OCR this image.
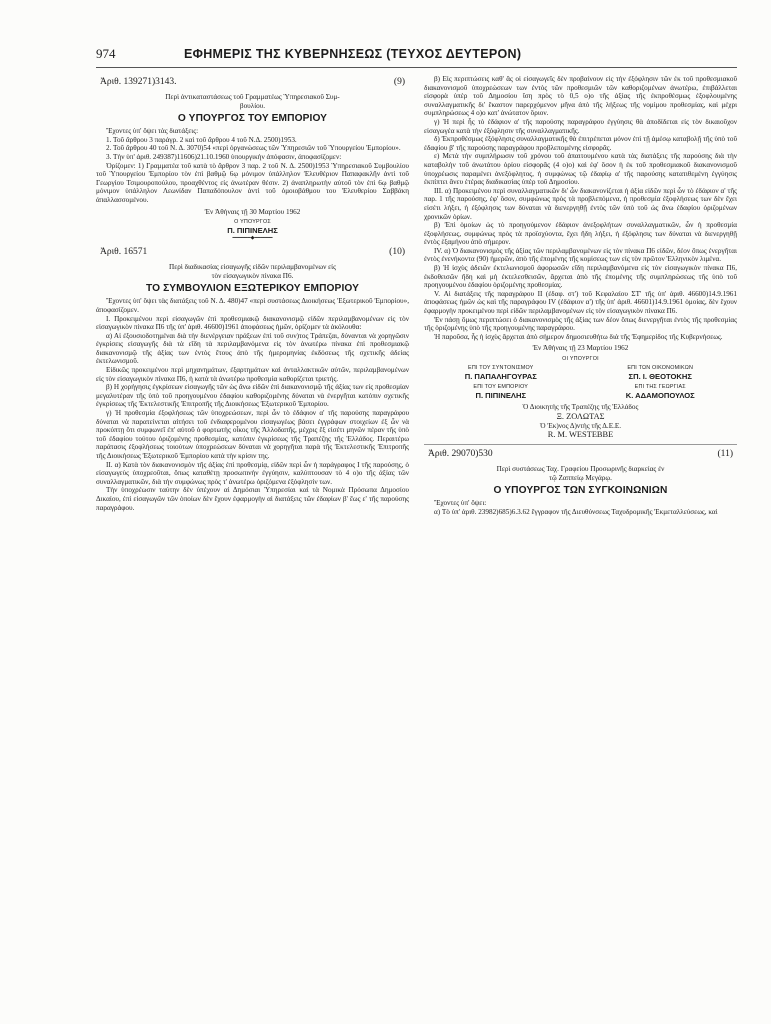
974	ΕΦΗΜΕΡΙΣ ΤΗΣ ΚΥΒΕΡΝΗΣΕΩΣ (ΤΕΥΧΟΣ ΔΕΥΤΕΡΟΝ)
Ἀριθ. 139271)3143.	(9)

Περὶ ἀντικαταστάσεως τοῦ Γραμματέως Ὑπηρεσιακοῦ Συμ-

βουλίου.

Ο ΥΠΟΥΡΓΟΣ ΤΟΥ ΕΜΠΟΡΙΟΥ

Ἔχοντες ὑπ' ὄψει τὰς διατάξεις:

1. Τοῦ ἄρθρου 3 παράγρ. 2 καὶ τοῦ ἄρθρου 4 τοῦ Ν.Δ. 2500)1953.

2. Τοῦ ἄρθρου 40 τοῦ Ν. Δ. 3070)54 «περὶ ὀργανώσεως τῶν Ὑπηρεσιῶν τοῦ Ὑπουργείου Ἐμπορίου».

3. Τὴν ὑπ' ἀριθ. 249387)11606)21.10.1960 ὑπουργικὴν ἀπόφασιν, ἀποφασίζομεν:

Ὁρίζομεν: 1) Γραμματέα τοῦ κατὰ τὸ ἄρθρον 3 παρ. 2 τοῦ Ν. Δ. 2500)1953 Ὑπηρεσιακοῦ Συμβουλίου τοῦ Ὑπουργείου Ἐμπορίου τὸν ἐπὶ βαθμῷ 6ῳ μόνιμον ὑπάλληλον Ἐλευθέριον Παπαφακλῆν ἀντὶ τοῦ Γεωργίου Τσιμουροπούλου, προαχθέντος εἰς ἀνωτέραν θέσιν. 2) ἀναπληρωτὴν αὐτοῦ τὸν ἐπὶ 6ῳ βαθμῷ μόνιμον ὑπάλληλον Λεωνίδαν Παπαδόπουλον ἀντὶ τοῦ ὁμοιοβάθμου του Ἐλευθερίου Σαββάκη ἀπαλλασσομένου.

Ἐν Ἀθήναις τῇ 30 Μαρτίου 1962

Ο ΥΠΟΥΡΓΟΣ
Π. ΠΙΠΙΝΕΛΗΣ
━━━━━━◆━━━━━━
Ἀριθ. 16571	(10)

Περὶ διαδικασίας εἰσαγωγῆς εἰδῶν περιλαμβανομένων εἰς

τὸν εἰσαγωγικὸν πίνακα Π6.

ΤΟ ΣΥΜΒΟΥΛΙΟΝ ΕΞΩΤΕΡΙΚΟΥ ΕΜΠΟΡΙΟΥ

Ἔχοντες ὑπ' ὄψει τὰς διατάξεις τοῦ Ν. Δ. 480)47 «περὶ συστάσεως Διοικήσεως Ἐξωτερικοῦ Ἐμπορίου», ἀποφασίζομεν.

Ι. Προκειμένου περὶ εἰσαγωγῶν ἐπὶ προθεσμιακῷ διακανονισμῷ εἰδῶν περιλαμβανομένων εἰς τὸν εἰσαγωγικὸν πίνακα Π6 τῆς ὑπ' ἀριθ. 46600)1961 ἀποφάσεως ἡμῶν, ὁρίζομεν τὰ ἀκόλουθα:

α) Αἱ ἐξουσιοδοτημέναι διὰ τὴν διενέργειαν πράξεων ἐπὶ τοῦ συν)τος Τράπεζαι, δύνανται νὰ χορηγῶσιν ἐγκρίσεις εἰσαγωγῆς διὰ τὰ εἴδη τὰ περιλαμβανόμενα εἰς τὸν ἀνωτέρω πίνακα ἐπὶ προθεσμιακῷ διακανονισμῷ τῆς ἀξίας των ἐντὸς ἔτους ἀπὸ τῆς ἡμερομηνίας ἐκδόσεως τῆς σχετικῆς ἀδείας ἐκτελωνισμοῦ.

Εἰδικῶς προκειμένου περὶ μηχανημάτων, ἐξαρτημάτων καὶ ἀνταλλακτικῶν αὐτῶν, περιλαμβανομένων εἰς τὸν εἰσαγωγικὸν πίνακα Π6, ἡ κατὰ τὰ ἀνωτέρω προθεσμία καθορίζεται τριετής.

β) Η χορήγησις ἐγκρίσεων εἰσαγωγῆς τῶν ὡς ἄνω εἰδῶν ἐπὶ διακανονισμῷ τῆς ἀξίας των εἰς προθεσμίαν μεγαλυτέραν τῆς ὑπὸ τοῦ προηγουμένου ἐδαφίου καθοριζομένης δύναται νὰ ἐνεργῆται κατόπιν σχετικῆς ἐγκρίσεως τῆς Ἐκτελεστικῆς Ἐπιτροπῆς τῆς Διοικήσεως Ἐξωτερικοῦ Ἐμπορίου.

γ) Ἡ προθεσμία ἐξοφλήσεως τῶν ὑποχρεώσεων, περὶ ὧν τὸ ἐδάφιον α' τῆς παρούσης παραγράφου δύναται νὰ παρατείνεται αἰτήσει τοῦ ἐνδιαφερομένου εἰσαγωγέως βάσει ἐγγράφων στοιχείων ἐξ ὧν νὰ προκύπτῃ ὅτι συμφωνεῖ ἐπ' αὐτοῦ ὁ φορτωτὴς οἶκος τῆς Ἀλλοδαπῆς, μέχρις ἓξ εἰσέτι μηνῶν πέραν τῆς ὑπὸ τοῦ ἐδαφίου τούτου ὁριζομένης προθεσμίας, κατόπιν ἐγκρίσεως τῆς Τραπέζης τῆς Ἑλλάδος. Περαιτέρω παράτασις ἐξοφλήσεως τοιούτων ὑποχρεώσεων δύναται νὰ χορηγῆται παρὰ τῆς Ἐκτελεστικῆς Ἐπιτροπῆς τῆς Διοικήσεως Ἐξωτερικοῦ Ἐμπορίου κατὰ τὴν κρίσιν της.

ΙΙ. α) Κατὰ τὸν διακανονισμὸν τῆς ἀξίας ἐπὶ προθεσμίᾳ, εἰδῶν περὶ ὧν ἡ παράγραφος Ι τῆς παρούσης, ὁ εἰσαγωγεὺς ὑποχρεοῦται, ὅπως καταθέτῃ προσωπινὴν ἐγγύησιν, καλύπτουσαν τὸ 4 ο)ο τῆς ἀξίας τῶν συναλλαγματικῶν, διὰ τὴν συμφώνως πρὸς τ' ἀνωτέρω ὁριζόμενα ἐξόφλησίν των.

Τὴν ὑποχρέωσιν ταύτην δὲν ὑπέχουν αἱ Δημόσιαι Ὑπηρεσίαι καὶ τὰ Νομικὰ Πρόσωπα Δημοσίου Δικαίου, ἐπὶ εἰσαγωγῶν τῶν ὁποίων δὲν ἔχουν ἐφαρμογὴν αἱ διατάξεις τῶν ἐδαφίων β' ἕως ε' τῆς παρούσης παραγράφου.

β) Εἰς περιπτώσεις καθ' ἃς οἱ εἰσαγωγεῖς δὲν προβαίνουν εἰς τὴν ἐξόφλησιν τῶν ἐκ τοῦ προθεσμιακοῦ διακανονισμοῦ ὑποχρεώσεων των ἐντὸς τῶν προθεσμιῶν τῶν καθοριζομένων ἀνωτέρω, ἐπιβάλλεται εἰσφορὰ ὑπὲρ τοῦ Δημοσίου ἴση πρὸς τὸ 0,5 ο)ο τῆς ἀξίας τῆς ἐκπροθέσμως ἐξοφλουμένης συναλλαγματικῆς δι' ἕκαστον παρερχόμενον μῆνα ἀπὸ τῆς λήξεως τῆς νομίμου προθεσμίας, καὶ μέχρι συμπληρώσεως 4 ο)ο κατ' ἀνώτατον ὅριον.

γ) Ἡ περὶ ἧς τὸ ἐδάφιον α' τῆς παρούσης παραγράφου ἐγγύησις θὰ ἀποδίδεται εἰς τὸν δικαιοῦχον εἰσαγωγέα κατὰ τὴν ἐξόφλησιν τῆς συναλλαγματικῆς.

δ) Ἐκπροθέσμως ἐξόφλησις συναλλαγματικῆς θὰ ἐπιτρέπεται μόνον ἐπὶ τῇ ἀμέσῳ καταβολῇ τῆς ὑπὸ τοῦ ἐδαφίου β' τῆς παρούσης παραγράφου προβλεπομένης εἰσφορᾶς.

ε) Μετὰ τὴν συμπλήρωσιν τοῦ χρόνου τοῦ ἀπαιτουμένου κατὰ τὰς διατάξεις τῆς παρούσης διὰ τὴν καταβολὴν τοῦ ἀνωτάτου ὁρίου εἰσφορᾶς (4 ο)ο) καὶ ἐφ' ὅσον ἡ ἐκ τοῦ προθεσμιακοῦ διακανονισμοῦ ὑποχρέωσις παραμένει ἀνεξόφλητος, ἡ συμφώνως τῷ ἐδαφίῳ α' τῆς παρούσης κατατιθεμένη ἐγγύησις ἐκπίπτει ἄνευ ἑτέρας διαδικασίας ὑπὲρ τοῦ Δημοσίου.

ΙΙΙ. α) Προκειμένου περὶ συναλλαγματικῶν δι' ὧν διακανονίζεται ἡ ἀξία εἰδῶν περὶ ὧν τὸ ἐδάφιον α' τῆς παρ. 1 τῆς παρούσης, ἐφ' ὅσον, συμφώνως πρὸς τὰ προβλεπόμενα, ἡ προθεσμία ἐξοφλήσεως των δὲν ἔχει εἰσέτι λήξει, ἡ ἐξόφλησις των δύναται νὰ διενεργηθῇ ἐντὸς τῶν ὑπὸ τοῦ ὡς ἄνω ἐδαφίου ὁριζομένων χρονικῶν ὁρίων.

β) Ἐπὶ ὁμοίων ὡς τὸ προηγούμενον ἐδάφιον ἀνεξοφλήτων συναλλαγματικῶν, ὧν ἡ προθεσμία ἐξοφλήσεως, συμφώνως πρὸς τὰ προϊσχύοντα, ἔχει ἤδη λήξει, ἡ ἐξόφλησις των δύναται νὰ διενεργηθῇ ἐντὸς ἑξαμήνου ἀπὸ σήμερον.

IV. α) Ὁ διακανονισμὸς τῆς ἀξίας τῶν περιλαμβανομένων εἰς τὸν πίνακα Π6 εἰδῶν, δέον ὅπως ἐνεργῆται ἐντὸς ἐνενήκοντα (90) ἡμερῶν, ἀπὸ τῆς ἐπομένης τῆς κομίσεως των εἰς τὸν πρῶτον Ἑλληνικὸν λιμένα.

β) Ἡ ἰσχὺς ἀδειῶν ἐκτελωνισμοῦ ἀφορωσῶν εἴδη περιλαμβανόμενα εἰς τὸν εἰσαγωγικὸν πίνακα Π6, ἐκδοθεισῶν ἤδη καὶ μὴ ἐκτελεσθεισῶν, ἄρχεται ἀπὸ τῆς ἐπομένης τῆς συμπληρώσεως τῆς ὑπὸ τοῦ προηγουμένου ἐδαφίου ὁριζομένης προθεσμίας.

V. Αἱ διατάξεις τῆς παραγράφου ΙΙ (ἐδαφ. στ') τοῦ Κεφαλαίου ΣΤ' τῆς ὑπ' ἀριθ. 46600)14.9.1961 ἀποφάσεως ἡμῶν ὡς καὶ τῆς παραγράφου IV (ἐδάφιον α') τῆς ὑπ' ἀριθ. 46601)14.9.1961 ὁμοίας, δὲν ἔχουν ἐφαρμογὴν προκειμένου περὶ εἰδῶν περιλαμβανομένων εἰς τὸν εἰσαγωγικὸν πίνακα Π6.

Ἐν πάσῃ ὅμως περιπτώσει ὁ διακανονισμὸς τῆς ἀξίας των δέον ὅπως διενεργῆται ἐντὸς τῆς προθεσμίας τῆς ὁριζομένης ὑπὸ τῆς προηγουμένης παραγράφου.

Ἡ παροῦσα, ἧς ἡ ἰσχὺς ἄρχεται ἀπὸ σήμερον δημοσιευθήτω διὰ τῆς Ἐφημερίδος τῆς Κυβερνήσεως.

Ἐν Ἀθήναις τῇ 23 Μαρτίου 1962

ΟΙ ΥΠΟΥΡΓΟΙ
ΕΠΙ ΤΟΥ ΣΥΝΤΟΝΙΣΜΟΥ
Π. ΠΑΠΑΛΗΓΟΥΡΑΣ
ΕΠΙ ΤΩΝ ΟΙΚΟΝΟΜΙΚΩΝ
ΣΠ. Ι. ΘΕΟΤΟΚΗΣ
ΕΠΙ ΤΟΥ ΕΜΠΟΡΙΟΥ
Π. ΠΙΠΙΝΕΛΗΣ
ΕΠΙ ΤΗΣ ΓΕΩΡΓΙΑΣ
Κ. ΑΔΑΜΟΠΟΥΛΟΣ

Ὁ Διοικητὴς τῆς Τραπέζης τῆς Ἑλλάδος

Ξ. ΖΟΛΩΤΑΣ

Ὁ Ἐκ)νος Δ)ντὴς τῆς Δ.Ε.Ε.

R. M. WESTEBBE

Ἀριθ. 29070)530	(11)

Περὶ συστάσεως Ταχ. Γραφείου Προσωρινῆς διαρκείας ἐν

τῷ Ζαππείῳ Μεγάρῳ.

Ο ΥΠΟΥΡΓΟΣ ΤΩΝ ΣΥΓΚΟΙΝΩΝΙΩΝ

Ἔχοντες ὑπ' ὄψει:

α) Τὸ ὑπ' ἀριθ. 23982)685)6.3.62 ἔγγραφον τῆς Διευθύνσεως Ταχυδρομικῆς Ἐκμεταλλεύσεως, καὶ
